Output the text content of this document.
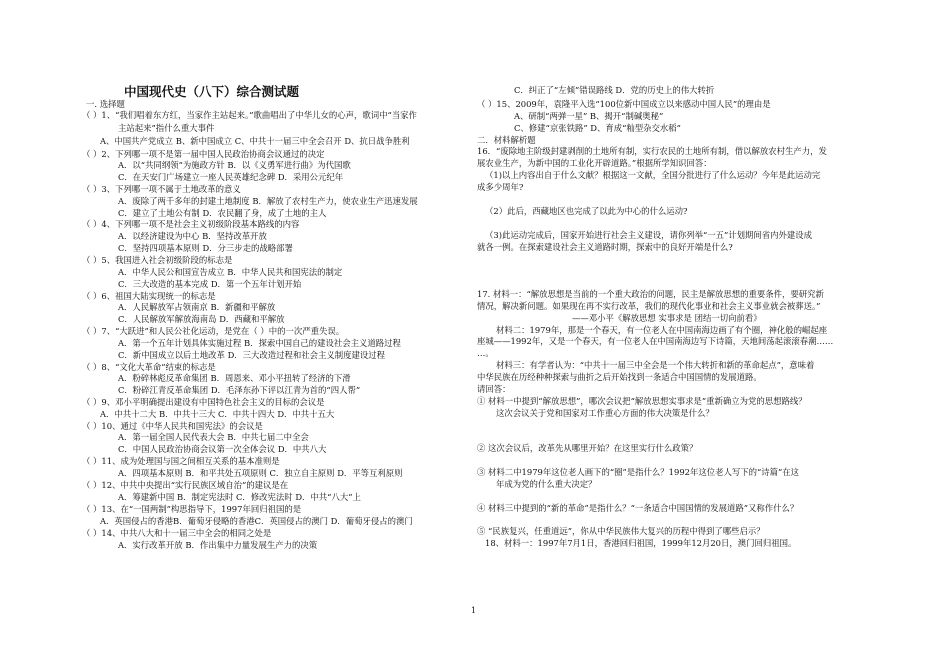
中国现代史（八下）综合测试题
一. 选择题
（ ）1、“我们唱着东方红，当家作主站起来。”歌曲唱出了中华儿女的心声，歌词中“当家作
主站起来”指什么重大事件
A、中国共产党成立 B、新中国成立 C、中共十一届三中全会召开 D、抗日战争胜利
（ ）2、下列哪一项不是第一届中国人民政治协商会议通过的决定
A．以“共同纲领”为施政方针 B．以《义勇军进行曲》为代国歌
C．在天安门广场建立一座人民英雄纪念碑 D．采用公元纪年
（ ）3、下列哪一项不属于土地改革的意义
A．废除了两千多年的封建土地制度 B．解放了农村生产力，使农业生产迅速发展
C．建立了土地公有制 D．农民翻了身，成了土地的主人
（ ）4、下列哪一项不是社会主义初级阶段基本路线的内容
A．以经济建设为中心 B．坚持改革开放
C．坚持四项基本原则 D．分三步走的战略部署
（ ）5、我国进入社会初级阶段的标志是
A．中华人民公和国宣告成立 B．中华人民共和国宪法的制定
C．三大改造的基本完成 D．第一个五年计划开始
（ ）6、祖国大陆实现统一的标志是
A．人民解放军占领南京 B．新疆和平解放
C．人民解放军解放海南岛 D．西藏和平解放
（ ）7、“大跃进”和人民公社化运动，是党在（ ）中的一次严重失误。
A．第一个五年计划具体实施过程 B．探索中国自己的建设社会主义道路过程
C．新中国成立以后土地改革 D．三大改造过程和社会主义制度建设过程
（ ）8、“文化大革命”结束的标志是
A．粉碎林彪反革命集团 B．周恩来、邓小平扭转了经济的下滑
C．粉碎江青反革命集团 D．毛泽东孙下评以江青为首的“四人帮”
（ ）9、邓小平明确提出建设有中国特色社会主义的目标的会议是
A．中共十二大 B．中共十三大 C．中共十四大 D．中共十五大
（ ）10、通过《中华人民共和国宪法》的会议是
A．第一届全国人民代表大会 B．中共七届二中全会
C．中国人民政治协商会议第一次全体会议 D．中共八大
（ ）11、成为处理国与国之间相互关系的基本准则是
A．四项基本原则 B．和平共处五项原则 C．独立自主原则 D．平等互利原则
（ ）12、中共中央提出“实行民族区域自治”的建议是在
A．筹建新中国 B．制定宪法时 C．修改宪法时 D．中共“八大”上
（ ）13、在“一国两制”构思指导下，1997年回归祖国的是
A．英国侵占的香港B．葡萄牙侵略的香港C．英国侵占的澳门 D．葡萄牙侵占的澳门
（ ）14、中共八大和十一届三中全会的相同之处是
A．实行改革开放 B．作出集中力量发展生产力的决策
C．纠正了“左倾”错误路线 D．党的历史上的伟大转折
（ ）15、2009年，袁隆平入选“100位新中国成立以来感动中国人民”的理由是
A、研制“两弹一星” B、揭开“制碱奥秘”
C、修建“京张铁路” D、育成“籼型杂交水稻”
二．材料解析题
16．“废除地主阶级封建剥削的土地所有制，实行农民的土地所有制，借以解放农村生产力，发
展农业生产，为新中国的工业化开辟道路。”根据所学知识回答：
（1)以上内容出自于什么文献？根据这一文献，全国分批进行了什么运动？今年是此运动完
成多少周年?
（2）此后，西藏地区也完成了以此为中心的什么运动?
（3)此运动完成后，国家开始进行社会主义建设，请你列举“一五”计划期间省内外建设成
就各一例。在探索建设社会主义道路时期，探索中的良好开端是什么?
17. 材料一：“解放思想是当前的一个重大政治的问题，民主是解放思想的重要条件，要研究新
情况，解决新问题。如果现在再不实行改革，我们的现代化事业和社会主义事业就会被葬送。”
——邓小平《解放思想 实事求是 团结一切向前看》
材料二：1979年，那是一个春天，有一位老人在中国南海边画了有个圈，神化般的崛起座
座城——1992年，又是一个春天，有一位老人在中国南海边写下诗篇，天地间荡起滚滚春潮……
…。
材料三：有学者认为：“中共十一届三中全会是一个伟大转折和新的革命起点”，意味着
中华民族在历经种种探索与曲折之后开始找到一条适合中国国情的发展道路。
请回答：
① 材料一中提到“解放思想”，哪次会议把“解放思想实事求是”重新确立为党的思想路线？
这次会议关于党和国家对工作重心方面的伟大决策是什么？
② 这次会议后，改革先从哪里开始？在这里实行什么政策？
③ 材料二中1979年这位老人画下的“圈”是指什么？1992年这位老人写下的“诗篇”在这
年成为党的什么重大决定？
④ 材料三中提到的“新的革命”是指什么？“一条适合中国国情的发展道路”又称作什么？
⑤ “民族复兴，任重道远”，你从中华民族伟大复兴的历程中得到了哪些启示？
18、材料一：1997年7月1日，香港回归祖国，1999年12月20日，澳门回归祖国。
1
